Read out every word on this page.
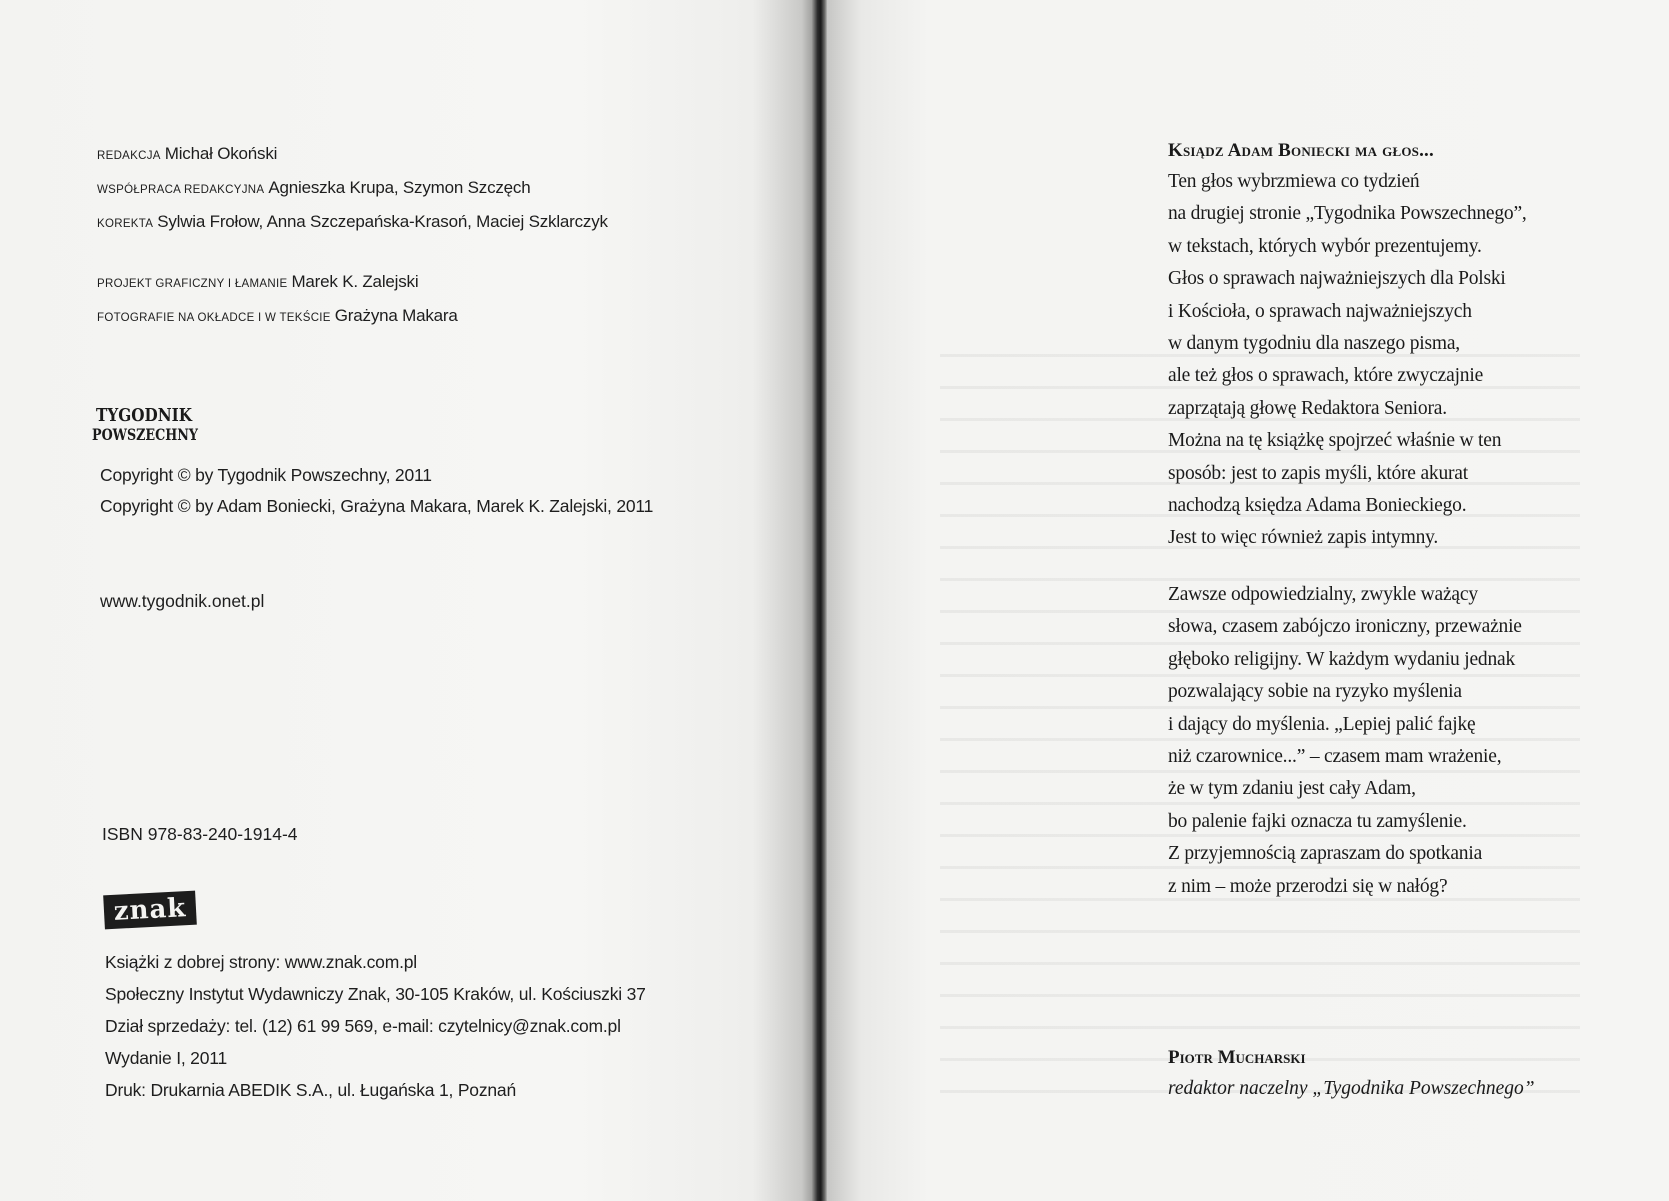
REDAKCJA Michał Okoński
WSPÓŁPRACA REDAKCYJNA Agnieszka Krupa, Szymon Szczęch
KOREKTA Sylwia Frołow, Anna Szczepańska-Krasoń, Maciej Szklarczyk
PROJEKT GRAFICZNY I ŁAMANIE Marek K. Zalejski
FOTOGRAFIE NA OKŁADCE I W TEKŚCIE Grażyna Makara
TYGODNIK
POWSZECHNY
Copyright © by Tygodnik Powszechny, 2011
Copyright © by Adam Boniecki, Grażyna Makara, Marek K. Zalejski, 2011
www.tygodnik.onet.pl
ISBN 978-83-240-1914-4
znak
Książki z dobrej strony: www.znak.com.pl
Społeczny Instytut Wydawniczy Znak, 30-105 Kraków, ul. Kościuszki 37
Dział sprzedaży: tel. (12) 61 99 569, e-mail: czytelnicy@znak.com.pl
Wydanie I, 2011
Druk: Drukarnia ABEDIK S.A., ul. Ługańska 1, Poznań
Ksiądz Adam Boniecki ma głos...
Ten głos wybrzmiewa co tydzień
na drugiej stronie „Tygodnika Powszechnego”,
w tekstach, których wybór prezentujemy.
Głos o sprawach najważniejszych dla Polski
i Kościoła, o sprawach najważniejszych
w danym tygodniu dla naszego pisma,
ale też głos o sprawach, które zwyczajnie
zaprzątają głowę Redaktora Seniora.
Można na tę książkę spojrzeć właśnie w ten
sposób: jest to zapis myśli, które akurat
nachodzą księdza Adama Bonieckiego.
Jest to więc również zapis intymny.
Zawsze odpowiedzialny, zwykle ważący
słowa, czasem zabójczo ironiczny, przeważnie
głęboko religijny. W każdym wydaniu jednak
pozwalający sobie na ryzyko myślenia
i dający do myślenia. „Lepiej palić fajkę
niż czarownice...” – czasem mam wrażenie,
że w tym zdaniu jest cały Adam,
bo palenie fajki oznacza tu zamyślenie.
Z przyjemnością zapraszam do spotkania
z nim – może przerodzi się w nałóg?
Piotr Mucharski
redaktor naczelny „Tygodnika Powszechnego”
